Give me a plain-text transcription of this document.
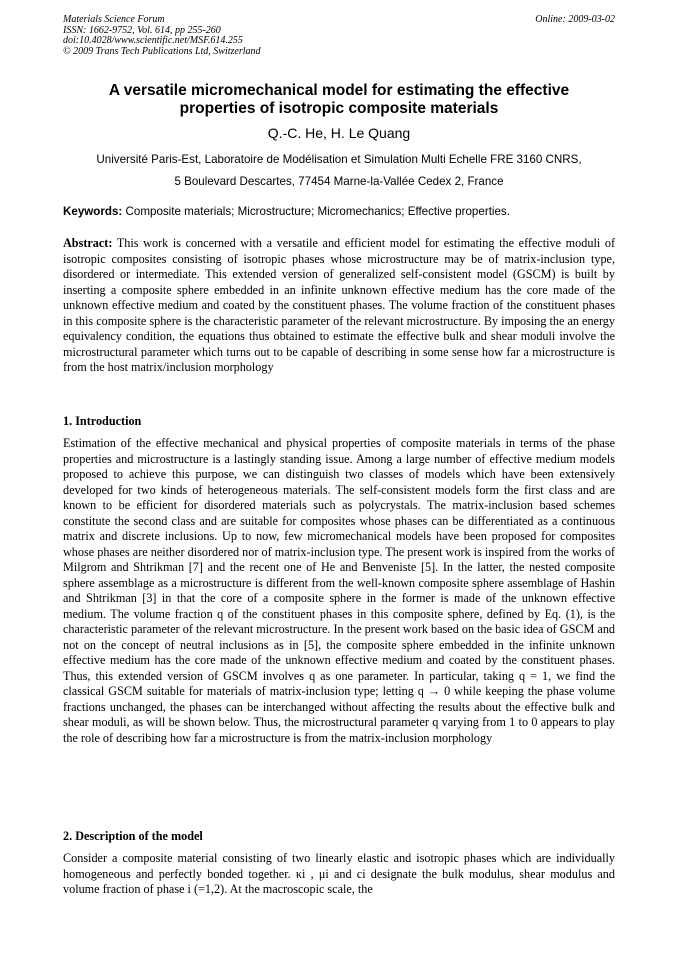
Materials Science Forum
ISSN: 1662-9752, Vol. 614, pp 255-260
doi:10.4028/www.scientific.net/MSF.614.255
© 2009 Trans Tech Publications Ltd, Switzerland
Online: 2009-03-02
A versatile micromechanical model for estimating the effective
properties of isotropic composite materials
Q.-C. He, H. Le Quang
Université Paris-Est, Laboratoire de Modélisation et Simulation Multi Echelle FRE 3160 CNRS,
5 Boulevard Descartes, 77454 Marne-la-Vallée Cedex 2, France
Keywords: Composite materials; Microstructure; Micromechanics; Effective properties.
Abstract: This work is concerned with a versatile and efficient model for estimating the effective moduli of isotropic composites consisting of isotropic phases whose microstructure may be of matrix-inclusion type, disordered or intermediate. This extended version of generalized self-consistent model (GSCM) is built by inserting a composite sphere embedded in an infinite unknown effective medium has the core made of the unknown effective medium and coated by the constituent phases. The volume fraction of the constituent phases in this composite sphere is the characteristic parameter of the relevant microstructure. By imposing the an energy equivalency condition, the equations thus obtained to estimate the effective bulk and shear moduli involve the microstructural parameter which turns out to be capable of describing in some sense how far a microstructure is from the host matrix/inclusion morphology
1. Introduction
Estimation of the effective mechanical and physical properties of composite materials in terms of the phase properties and microstructure is a lastingly standing issue. Among a large number of effective medium models proposed to achieve this purpose, we can distinguish two classes of models which have been extensively developed for two kinds of heterogeneous materials. The self-consistent models form the first class and are known to be efficient for disordered materials such as polycrystals. The matrix-inclusion based schemes constitute the second class and are suitable for composites whose phases can be differentiated as a continuous matrix and discrete inclusions. Up to now, few micromechanical models have been proposed for composites whose phases are neither disordered nor of matrix-inclusion type. The present work is inspired from the works of Milgrom and Shtrikman [7] and the recent one of He and Benveniste [5]. In the latter, the nested composite sphere assemblage as a microstructure is different from the well-known composite sphere assemblage of Hashin and Shtrikman [3] in that the core of a composite sphere in the former is made of the unknown effective medium. The volume fraction q of the constituent phases in this composite sphere, defined by Eq. (1), is the characteristic parameter of the relevant microstructure. In the present work based on the basic idea of GSCM and not on the concept of neutral inclusions as in [5], the composite sphere embedded in the infinite unknown effective medium has the core made of the unknown effective medium and coated by the constituent phases. Thus, this extended version of GSCM involves q as one parameter. In particular, taking q = 1, we find the classical GSCM suitable for materials of matrix-inclusion type; letting q → 0 while keeping the phase volume fractions unchanged, the phases can be interchanged without affecting the results about the effective bulk and shear moduli, as will be shown below. Thus, the microstructural parameter q varying from 1 to 0 appears to play the role of describing how far a microstructure is from the matrix-inclusion morphology
2. Description of the model
Consider a composite material consisting of two linearly elastic and isotropic phases which are individually homogeneous and perfectly bonded together. κi , μi and ci designate the bulk modulus, shear modulus and volume fraction of phase i (=1,2). At the macroscopic scale, the
